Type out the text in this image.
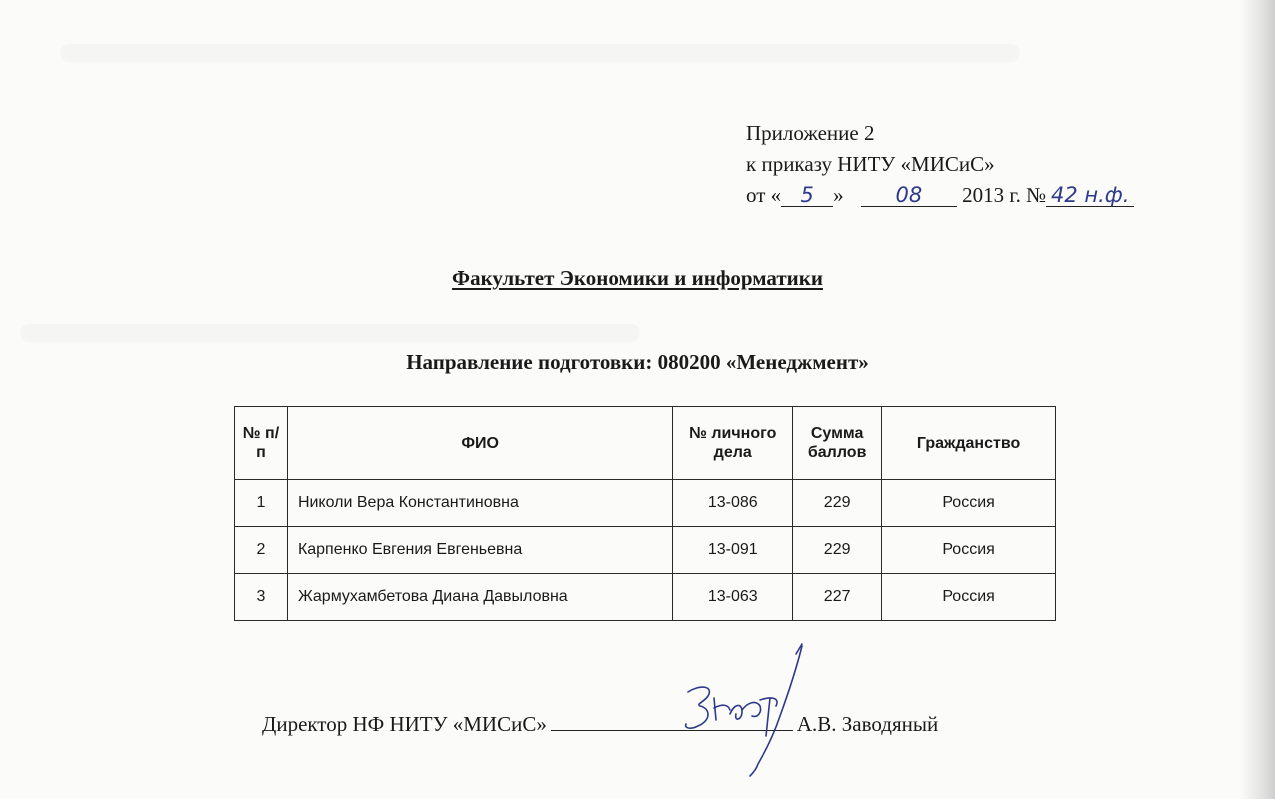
Приложение 2
к приказу НИТУ «МИСиС»
от « 5 » 08 2013 г. № 42 н.ф.
Факультет Экономики и информатики
Направление подготовки: 080200 «Менеджмент»
№ п/п	ФИО	№ личного дела	Сумма баллов	Гражданство
1	Николи Вера Константиновна	13-086	229	Россия
2	Карпенко Евгения Евгеньевна	13-091	229	Россия
3	Жармухамбетова Диана Давыловна	13-063	227	Россия
Директор НФ НИТУ «МИСиС»	А.В. Заводяный
